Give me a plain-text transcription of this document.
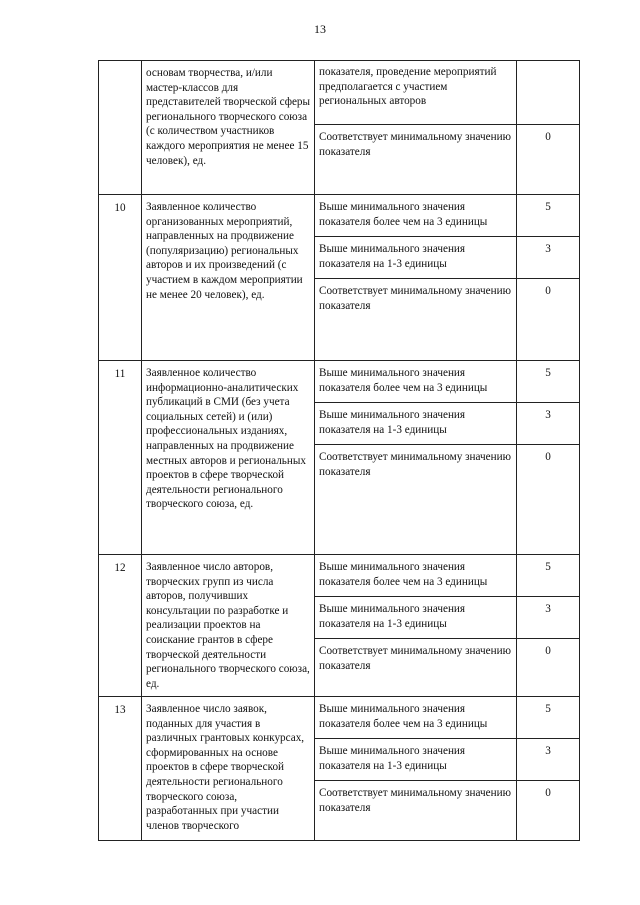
13
	основам творчества, и/или мастер-классов для представителей творческой сферы регионального творческого союза (с количеством участников каждого мероприятия не менее 15 человек), ед.	показателя, проведение мероприятий предполагается с участием региональных авторов	
		Соответствует минимальному значению показателя	0
10	Заявленное количество организованных мероприятий, направленных на продвижение (популяризацию) региональных авторов и их произведений (с участием в каждом мероприятии не менее 20 человек), ед.	Выше минимального значения показателя более чем на 3 единицы	5
		Выше минимального значения показателя на 1-3 единицы	3
		Соответствует минимальному значению показателя	0
11	Заявленное количество информационно-аналитических публикаций в СМИ (без учета социальных сетей) и (или) профессиональных изданиях, направленных на продвижение местных авторов и региональных проектов в сфере творческой деятельности регионального творческого союза, ед.	Выше минимального значения показателя более чем на 3 единицы	5
		Выше минимального значения показателя на 1-3 единицы	3
		Соответствует минимальному значению показателя	0
12	Заявленное число авторов, творческих групп из числа авторов, получивших консультации по разработке и реализации проектов на соискание грантов в сфере творческой деятельности регионального творческого союза, ед.	Выше минимального значения показателя более чем на 3 единицы	5
		Выше минимального значения показателя на 1-3 единицы	3
		Соответствует минимальному значению показателя	0
13	Заявленное число заявок, поданных для участия в различных грантовых конкурсах, сформированных на основе проектов в сфере творческой деятельности регионального творческого союза, разработанных при участии членов творческого	Выше минимального значения показателя более чем на 3 единицы	5
		Выше минимального значения показателя на 1-3 единицы	3
		Соответствует минимальному значению показателя	0
